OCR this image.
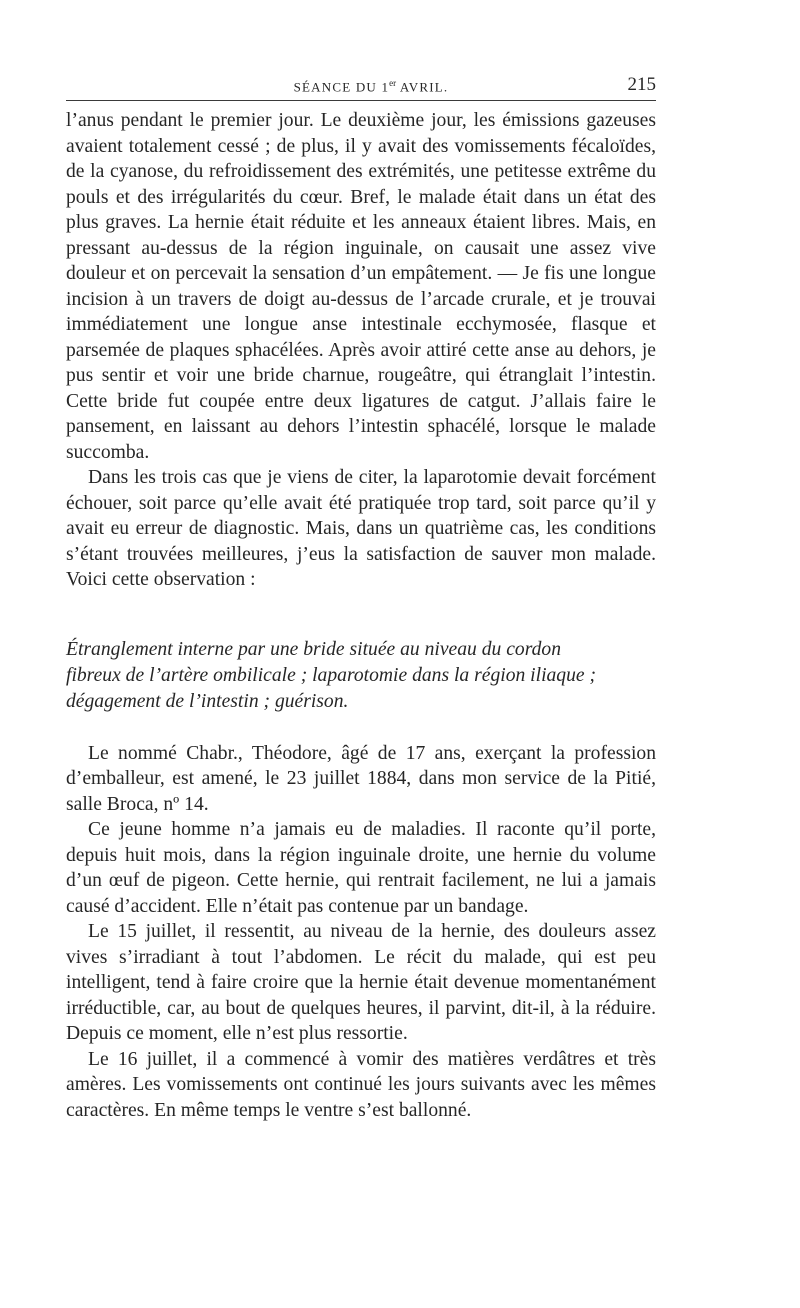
SÉANCE DU 1er AVRIL.	215

l’anus pendant le premier jour. Le deuxième jour, les émissions gazeuses avaient totalement cessé ; de plus, il y avait des vomissements fécaloïdes, de la cyanose, du refroidissement des extrémités, une petitesse extrême du pouls et des irrégularités du cœur. Bref, le malade était dans un état des plus graves. La hernie était réduite et les anneaux étaient libres. Mais, en pressant au-dessus de la région inguinale, on causait une assez vive douleur et on percevait la sensation d’un empâtement. — Je fis une longue incision à un travers de doigt au-dessus de l’arcade crurale, et je trouvai immédiatement une longue anse intestinale ecchymosée, flasque et parsemée de plaques sphacélées. Après avoir attiré cette anse au dehors, je pus sentir et voir une bride charnue, rougeâtre, qui étranglait l’intestin. Cette bride fut coupée entre deux ligatures de catgut. J’allais faire le pansement, en laissant au dehors l’intestin sphacélé, lorsque le malade succomba.

Dans les trois cas que je viens de citer, la laparotomie devait forcément échouer, soit parce qu’elle avait été pratiquée trop tard, soit parce qu’il y avait eu erreur de diagnostic. Mais, dans un quatrième cas, les conditions s’étant trouvées meilleures, j’eus la satisfaction de sauver mon malade. Voici cette observation :

Étranglement interne par une bride située au niveau du cordon
fibreux de l’artère ombilicale ; laparotomie dans la région iliaque ;
dégagement de l’intestin ; guérison.

Le nommé Chabr., Théodore, âgé de 17 ans, exerçant la profession d’emballeur, est amené, le 23 juillet 1884, dans mon service de la Pitié, salle Broca, nº 14.

Ce jeune homme n’a jamais eu de maladies. Il raconte qu’il porte, depuis huit mois, dans la région inguinale droite, une hernie du volume d’un œuf de pigeon. Cette hernie, qui rentrait facilement, ne lui a jamais causé d’accident. Elle n’était pas contenue par un bandage.

Le 15 juillet, il ressentit, au niveau de la hernie, des douleurs assez vives s’irradiant à tout l’abdomen. Le récit du malade, qui est peu intelligent, tend à faire croire que la hernie était devenue momentanément irréductible, car, au bout de quelques heures, il parvint, dit-il, à la réduire. Depuis ce moment, elle n’est plus ressortie.

Le 16 juillet, il a commencé à vomir des matières verdâtres et très amères. Les vomissements ont continué les jours suivants avec les mêmes caractères. En même temps le ventre s’est ballonné.
